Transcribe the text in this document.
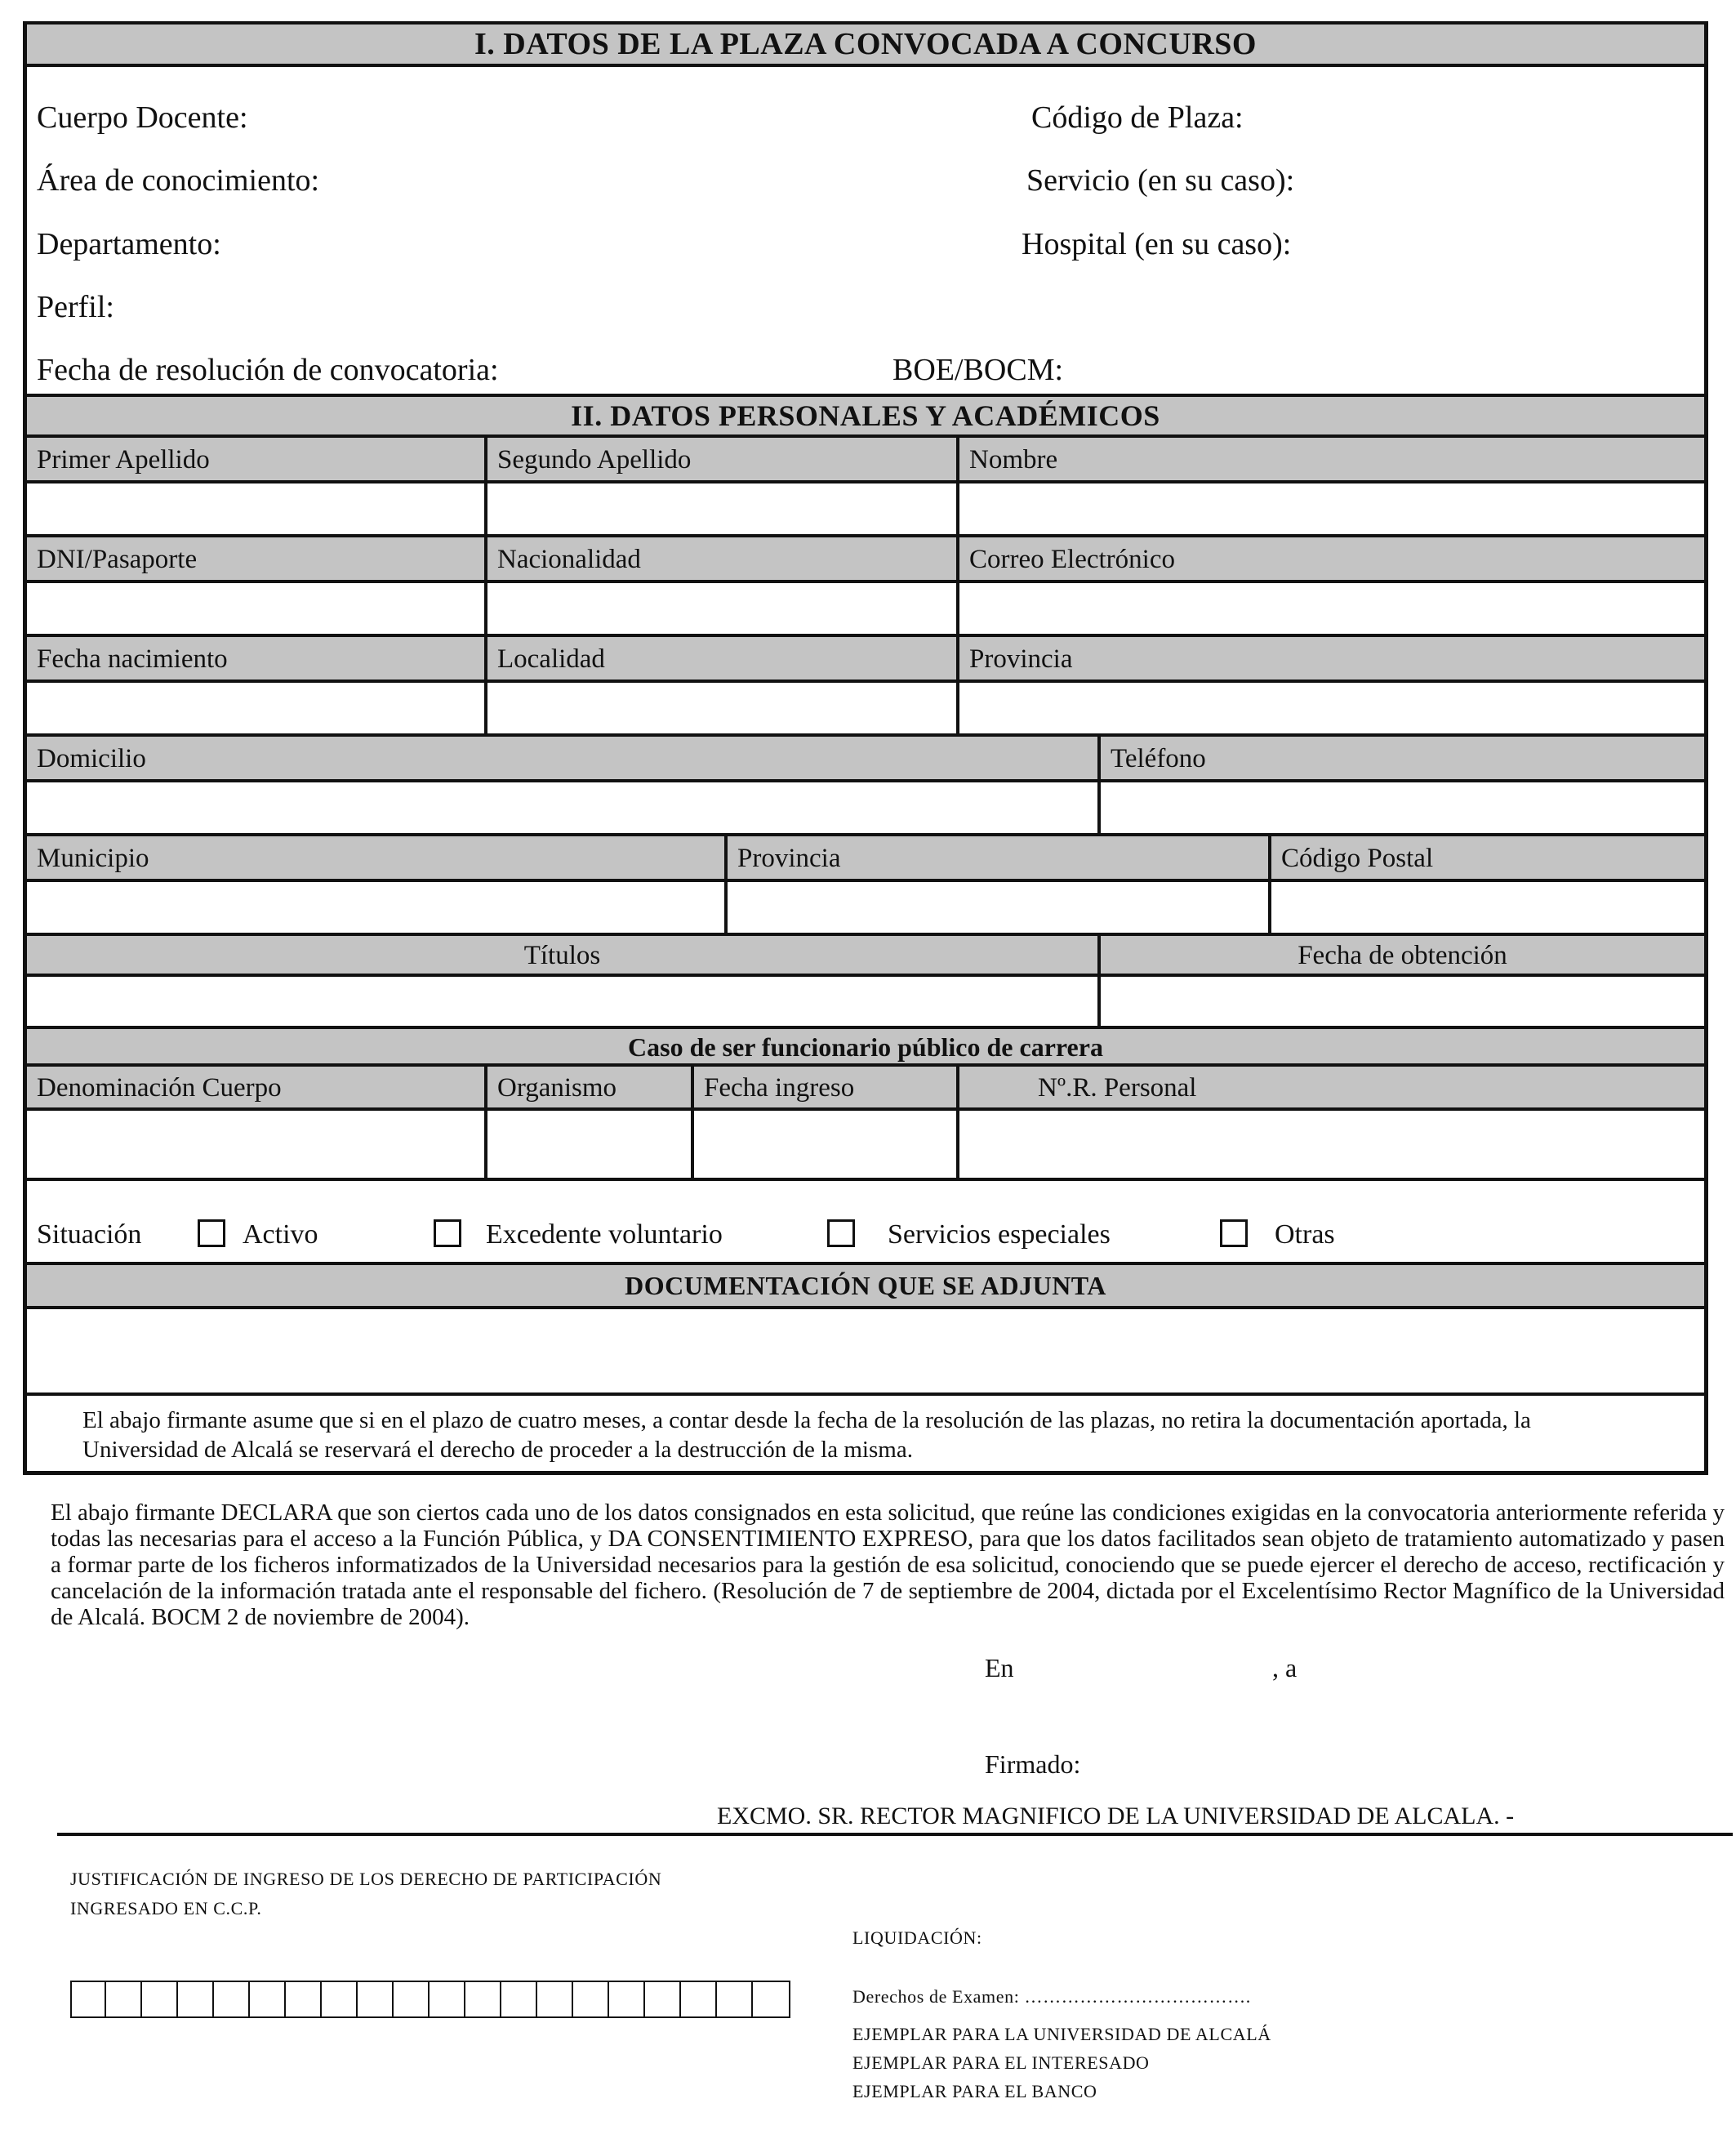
I. DATOS DE LA PLAZA CONVOCADA A CONCURSO
Cuerpo Docente:	Código de Plaza:
Área de conocimiento:	Servicio (en su caso):
Departamento:	Hospital (en su caso):
Perfil:
Fecha de resolución de convocatoria:	BOE/BOCM:
II. DATOS PERSONALES Y ACADÉMICOS
Primer Apellido	Segundo Apellido	Nombre
DNI/Pasaporte	Nacionalidad	Correo Electrónico
Fecha nacimiento	Localidad	Provincia
Domicilio	Teléfono
Municipio	Provincia	Código Postal
Títulos	Fecha de obtención
Caso de ser funcionario público de carrera
Denominación Cuerpo	Organismo	Fecha ingreso	Nº.R. Personal
Situación	Activo	Excedente voluntario	Servicios especiales	Otras
DOCUMENTACIÓN QUE SE ADJUNTA
El abajo firmante asume que si en el plazo de cuatro meses, a contar desde la fecha de la resolución de las plazas, no retira la documentación aportada, la Universidad de Alcalá se reservará el derecho de proceder a la destrucción de la misma.
El abajo firmante DECLARA que son ciertos cada uno de los datos consignados en esta solicitud, que reúne las condiciones exigidas en la convocatoria anteriormente referida y todas las necesarias para el acceso a la Función Pública, y DA CONSENTIMIENTO EXPRESO, para que los datos facilitados sean objeto de tratamiento automatizado y pasen a formar parte de los ficheros informatizados de la Universidad necesarios para la gestión de esa solicitud, conociendo que se puede ejercer el derecho de acceso, rectificación y cancelación de la información tratada ante el responsable del fichero. (Resolución de 7 de septiembre de 2004, dictada por el Excelentísimo Rector Magnífico de la Universidad de Alcalá. BOCM 2 de noviembre de 2004).
En	, a
Firmado:
EXCMO. SR. RECTOR MAGNIFICO DE LA UNIVERSIDAD DE ALCALA. -
JUSTIFICACIÓN DE INGRESO DE LOS DERECHO DE PARTICIPACIÓN
INGRESADO EN C.C.P.
LIQUIDACIÓN:
Derechos de Examen: ……………………………….
EJEMPLAR PARA LA UNIVERSIDAD DE ALCALÁ
EJEMPLAR PARA EL INTERESADO
EJEMPLAR PARA EL BANCO
